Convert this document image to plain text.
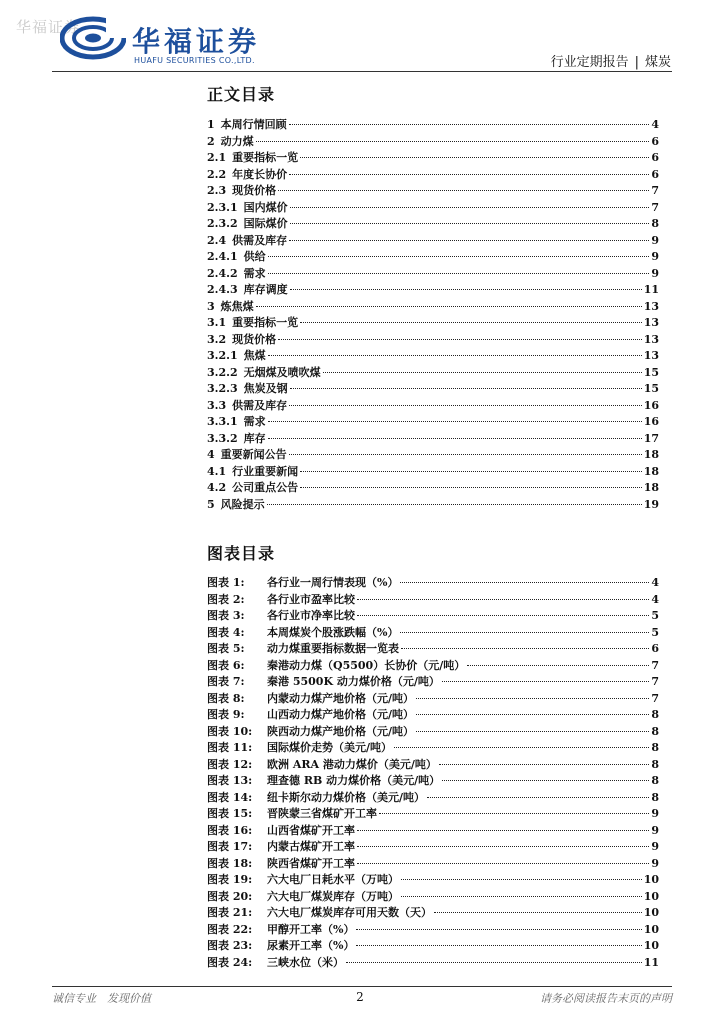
华福证券 华福证券
HUAFU SECURITIES CO.,LTD.	行业定期报告 | 煤炭
正文目录
1 本周行情回顾	4
2 动力煤	6
2.1 重要指标一览	6
2.2 年度长协价	6
2.3 现货价格	7
2.3.1 国内煤价	7
2.3.2 国际煤价	8
2.4 供需及库存	9
2.4.1 供给	9
2.4.2 需求	9
2.4.3 库存调度	11
3 炼焦煤	13
3.1 重要指标一览	13
3.2 现货价格	13
3.2.1 焦煤	13
3.2.2 无烟煤及喷吹煤	15
3.2.3 焦炭及钢	15
3.3 供需及库存	16
3.3.1 需求	16
3.3.2 库存	17
4 重要新闻公告	18
4.1 行业重要新闻	18
4.2 公司重点公告	18
5 风险提示	19
图表目录
图表 1:	各行业一周行情表现（%）	4
图表 2:	各行业市盈率比较	4
图表 3:	各行业市净率比较	5
图表 4:	本周煤炭个股涨跌幅（%）	5
图表 5:	动力煤重要指标数据一览表	6
图表 6:	秦港动力煤（Q5500）长协价（元/吨）	7
图表 7:	秦港 5500K 动力煤价格（元/吨）	7
图表 8:	内蒙动力煤产地价格（元/吨）	7
图表 9:	山西动力煤产地价格（元/吨）	8
图表 10:	陕西动力煤产地价格（元/吨）	8
图表 11:	国际煤价走势（美元/吨）	8
图表 12:	欧洲 ARA 港动力煤价（美元/吨）	8
图表 13:	理查德 RB 动力煤价格（美元/吨）	8
图表 14:	纽卡斯尔动力煤价格（美元/吨）	8
图表 15:	晋陕蒙三省煤矿开工率	9
图表 16:	山西省煤矿开工率	9
图表 17:	内蒙古煤矿开工率	9
图表 18:	陕西省煤矿开工率	9
图表 19:	六大电厂日耗水平（万吨）	10
图表 20:	六大电厂煤炭库存（万吨）	10
图表 21:	六大电厂煤炭库存可用天数（天）	10
图表 22:	甲醇开工率（%）	10
图表 23:	尿素开工率（%）	10
图表 24:	三峡水位（米）	11
诚信专业　发现价值	2	请务必阅读报告末页的声明
